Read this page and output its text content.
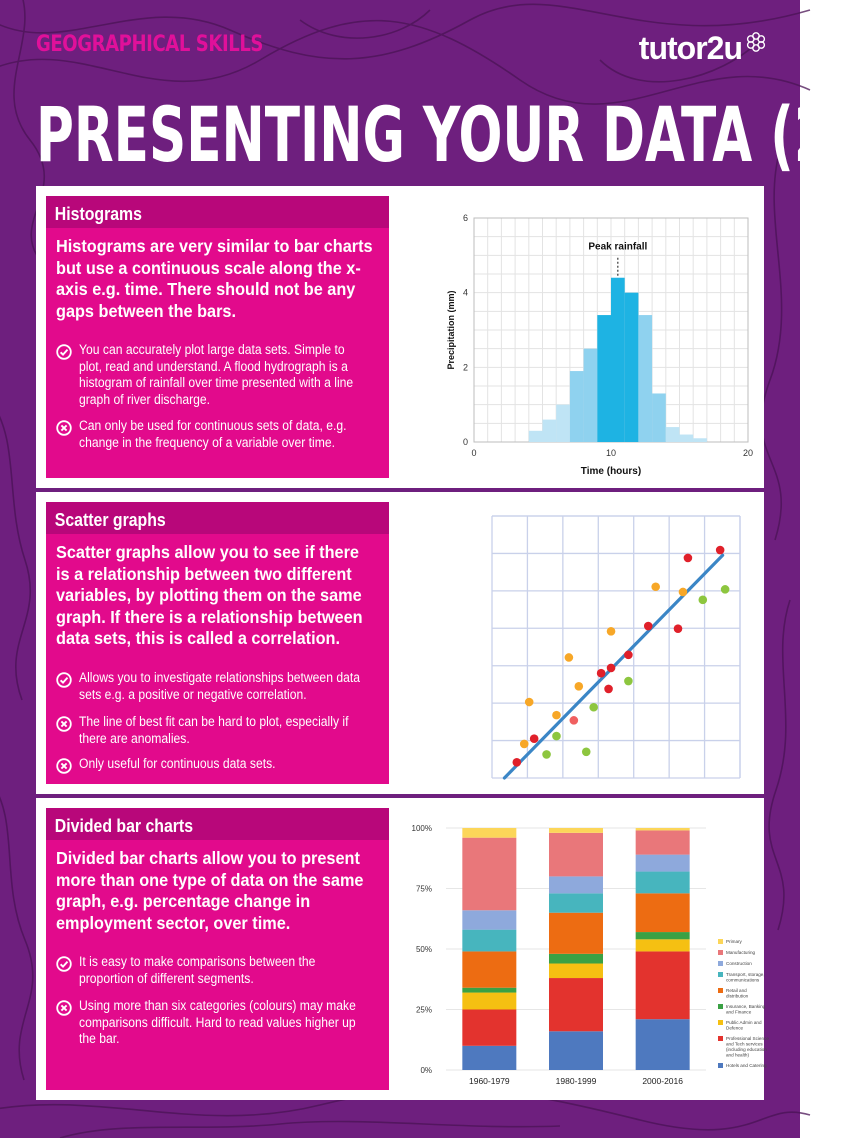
GEOGRAPHICAL SKILLS	tutor2u
PRESENTING YOUR DATA (2)
Histograms
Histograms are very similar to bar charts but use a continuous scale along the x-axis e.g. time. There should not be any gaps between the bars.
You can accurately plot large data sets. Simple to plot, read and understand. A flood hydrograph is a histogram of rainfall over time presented with a line graph of river discharge.
Can only be used for continuous sets of data, e.g. change in the frequency of a variable over time.
0	10	20
0
2
4
6
Time (hours)
Precipitation (mm)
Peak rainfall
Scatter graphs
Scatter graphs allow you to see if there is a relationship between two different variables, by plotting them on the same graph. If there is a relationship between data sets, this is called a correlation.
Allows you to investigate relationships between data sets e.g. a positive or negative correlation.
The line of best fit can be hard to plot, especially if there are anomalies.
Only useful for continuous data sets.
Divided bar charts
Divided bar charts allow you to present more than one type of data on the same graph, e.g. percentage change in employment sector, over time.
It is easy to make comparisons between the proportion of different segments.
Using more than six categories (colours) may make comparisons difficult. Hard to read values higher up the bar.
0%
25%
50%
75%
100%
1960-1979	1980-1999	2000-2016
Primary
Manufacturing
Construction
Transport, storage,
communications
Retail and
distribution
Insurance, Banking
and Finance
Public Admin and
Defence
Professional Science
and Tech services
(including education
and health)
Hotels and Catering
